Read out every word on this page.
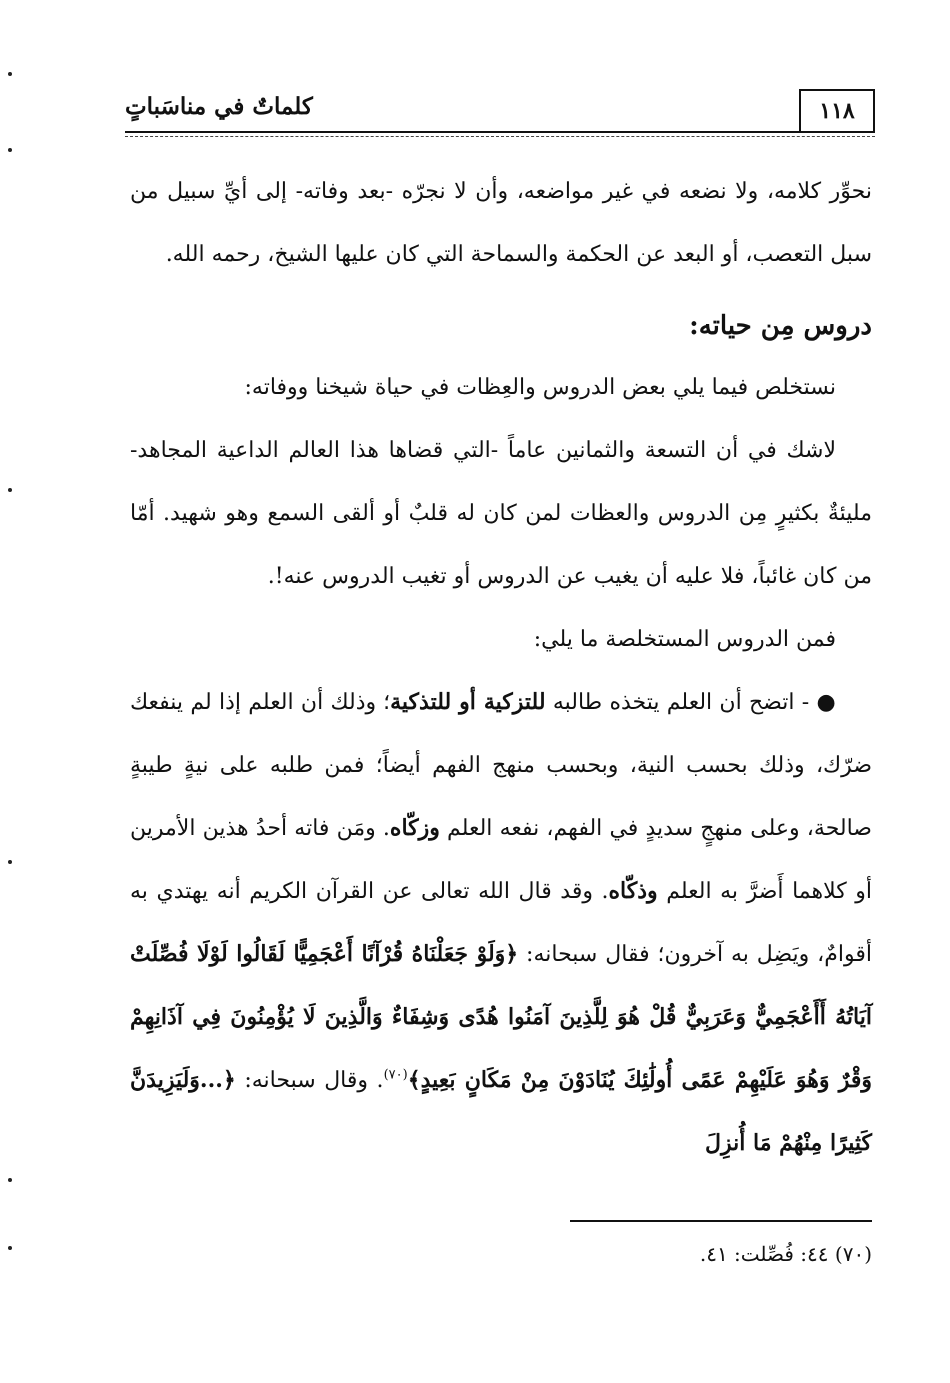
١١٨
كلماتٌ في مناسَباتٍ

نحوِّر كلامه، ولا نضعه في غير مواضعه، وأن لا نجرّه -بعد وفاته- إلى أيِّ سبيل من سبل التعصب، أو البعد عن الحكمة والسماحة التي كان عليها الشيخ، رحمه الله.

دروس مِن حياته:

نستخلص فيما يلي بعض الدروس والعِظات في حياة شيخنا ووفاته:

لاشك في أن التسعة والثمانين عاماً -التي قضاها هذا العالم الداعية المجاهد- مليئةٌ بكثيرٍ مِن الدروس والعظات لمن كان له قلبٌ أو ألقى السمع وهو شهيد. أمّا من كان غائباً، فلا عليه أن يغيب عن الدروس أو تغيب الدروس عنه!.

فمن الدروس المستخلصة ما يلي:

● - اتضح أن العلم يتخذه طالبه للتزكية أو للتذكية؛ وذلك أن العلم إذا لم ينفعك ضرّك، وذلك بحسب النية، وبحسب منهج الفهم أيضاً؛ فمن طلبه على نيةٍ طيبةٍ صالحة، وعلى منهجٍ سديدٍ في الفهم، نفعه العلم وزكّاه. ومَن فاته أحدُ هذين الأمرين أو كلاهما أَضرَّ به العلم وذكّاه. وقد قال الله تعالى عن القرآن الكريم أنه يهتدي به أقوامٌ، ويَضِل به آخرون؛ فقال سبحانه: ﴿وَلَوْ جَعَلْنَاهُ قُرْآنًا أَعْجَمِيًّا لَقَالُوا لَوْلَا فُصِّلَتْ آيَاتُهُ أَأَعْجَمِيٌّ وَعَرَبِيٌّ قُلْ هُوَ لِلَّذِينَ آمَنُوا هُدًى وَشِفَاءٌ وَالَّذِينَ لَا يُؤْمِنُونَ فِي آذَانِهِمْ وَقْرٌ وَهُوَ عَلَيْهِمْ عَمًى أُولَٰئِكَ يُنَادَوْنَ مِنْ مَكَانٍ بَعِيدٍ﴾$^{(٧٠)}$. وقال سبحانه: ﴿...وَلَيَزِيدَنَّ كَثِيرًا مِنْهُمْ مَا أُنزِلَ

(٧٠) ٤٤: فُصِّلت: ٤١.
